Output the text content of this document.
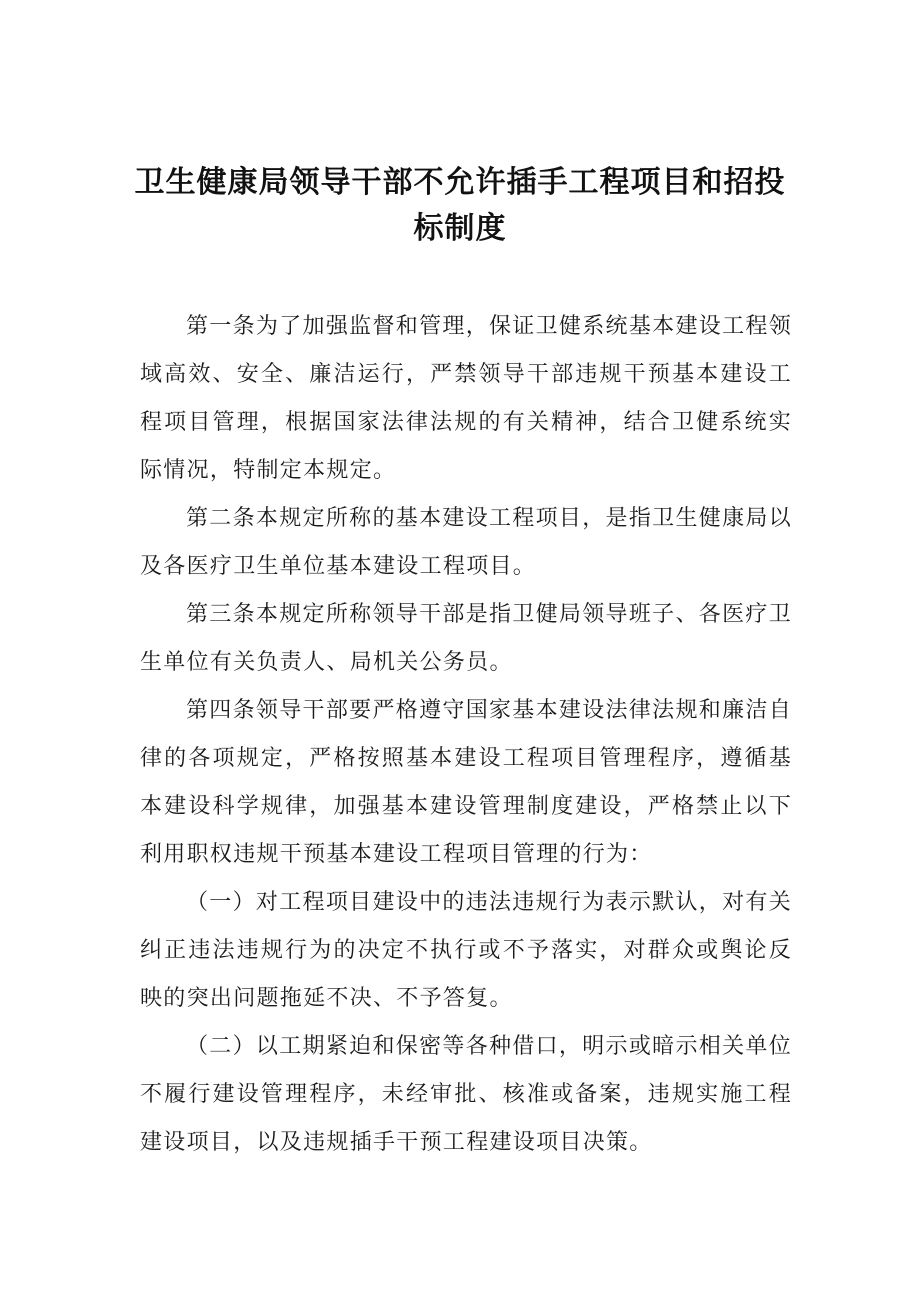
卫生健康局领导干部不允许插手工程项目和招投标制度

第一条为了加强监督和管理，保证卫健系统基本建设工程领域高效、安全、廉洁运行，严禁领导干部违规干预基本建设工程项目管理，根据国家法律法规的有关精神，结合卫健系统实际情况，特制定本规定。

第二条本规定所称的基本建设工程项目，是指卫生健康局以及各医疗卫生单位基本建设工程项目。

第三条本规定所称领导干部是指卫健局领导班子、各医疗卫生单位有关负责人、局机关公务员。

第四条领导干部要严格遵守国家基本建设法律法规和廉洁自律的各项规定，严格按照基本建设工程项目管理程序，遵循基本建设科学规律，加强基本建设管理制度建设，严格禁止以下利用职权违规干预基本建设工程项目管理的行为：

（一）对工程项目建设中的违法违规行为表示默认，对有关纠正违法违规行为的决定不执行或不予落实，对群众或舆论反映的突出问题拖延不决、不予答复。

（二）以工期紧迫和保密等各种借口，明示或暗示相关单位不履行建设管理程序，未经审批、核准或备案，违规实施工程建设项目，以及违规插手干预工程建设项目决策。
